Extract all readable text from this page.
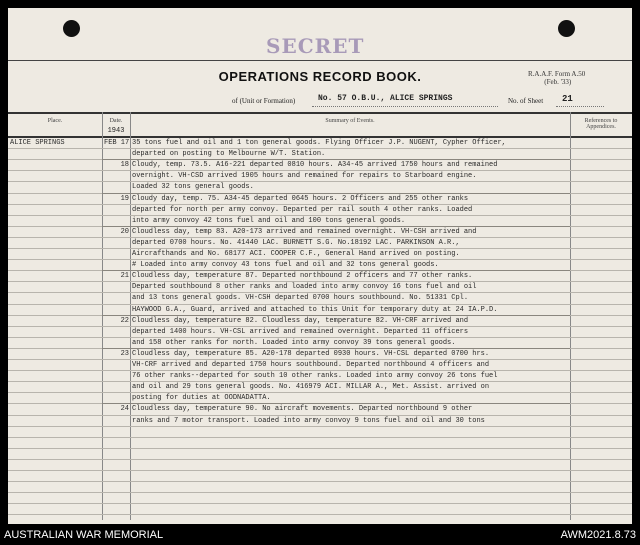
SECRET
OPERATIONS RECORD BOOK.	R.A.A.F. Form A.50
(Feb. '33)
of (Unit or Formation)	No. 57 O.B.U., ALICE SPRINGS	No. of Sheet 21
Place.	Date.	Summary of Events.	References to
Appendices.
1943
ALICE SPRINGS	FEB 17 35 tons fuel and oil and 1 ton general goods. Flying Officer J.P. NUGENT, Cypher Officer,
departed on posting to Melbourne W/T. Station.
18 Cloudy, temp. 73.5. A16-221 departed 0810 hours. A34-45 arrived 1750 hours and remained
overnight. VH-CSD arrived 1905 hours and remained for repairs to Starboard engine.
Loaded 32 tons general goods.
19 Cloudy day, temp. 75. A34-45 departed 0645 hours. 2 Officers and 255 other ranks
departed for north per army convoy. Departed per rail south 4 other ranks. Loaded
into army convoy 42 tons fuel and oil and 100 tons general goods.
20 Cloudless day, temp 83. A20-173 arrived and remained overnight. VH-CSH arrived and
departed 0700 hours. No. 41440 LAC. BURNETT S.G. No.18192 LAC. PARKINSON A.R.,
Aircrafthands and No. 68177 ACI. COOPER C.F., General Hand arrived on posting.
# Loaded into army convoy 43 tons fuel and oil and 32 tons general goods.
21 Cloudless day, temperature 87. Departed northbound 2 officers and 77 other ranks.
Departed southbound 8 other ranks and loaded into army convoy 16 tons fuel and oil
and 13 tons general goods. VH-CSH departed 0700 hours southbound. No. 51331 Cpl.
HAYWOOD G.A., Guard, arrived and attached to this Unit for temporary duty at 24 IA.P.D.
22 Cloudless day, temperature 82. Cloudless day, temperature 82. VH-CRF arrived and
departed 1400 hours. VH-CSL arrived and remained overnight. Departed 11 officers
and 158 other ranks for north. Loaded into army convoy 39 tons general goods.
23 Cloudless day, temperature 85. A20-178 departed 0930 hours. VH-CSL departed 0700 hrs.
VH-CRF arrived and departed 1750 hours southbound. Departed northbound 4 officers and
76 other ranks--departed for south 10 other ranks. Loaded into army convoy 26 tons fuel
and oil and 29 tons general goods. No. 416979 ACI. MILLAR A., Met. Assist. arrived on
posting for duties at OODNADATTA.
24 Cloudless day, temperature 90. No aircraft movements. Departed northbound 9 other
ranks and 7 motor transport. Loaded into army convoy 9 tons fuel and oil and 30 tons
AUSTRALIAN WAR MEMORIAL	AWM2021.8.73
